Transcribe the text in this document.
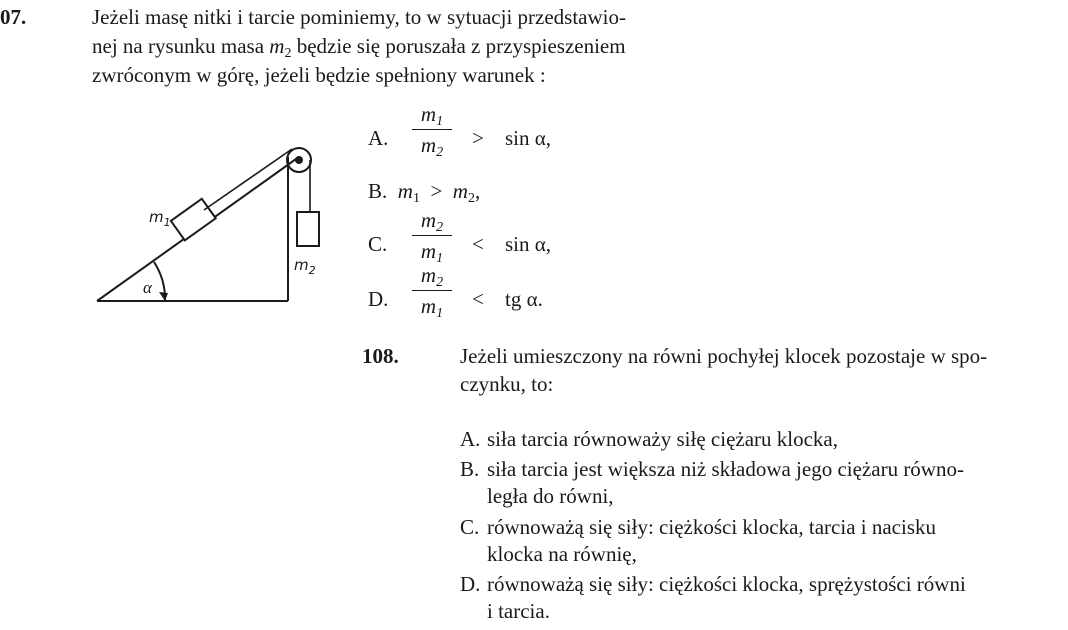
07.	Jeżeli masę nitki i tarcie pominiemy, to w sytuacji przedstawio-
nej na rysunku masa $m_2$ będzie się poruszała z przyspieszeniem
zwróconym w górę, jeżeli będzie spełniony warunek :
$m_1$
$m_2$
α
A.
$m_1$
$m_2$
> sin α,
B. $m_1 > m_2$,
C.
$m_2$
$m_1$
< sin α,
D.
$m_2$
$m_1$
< tg α.
108.	Jeżeli umieszczony na równi pochyłej klocek pozostaje w spo-
czynku, to:
A. siła tarcia równoważy siłę ciężaru klocka,
B. siła tarcia jest większa niż składowa jego ciężaru równo-
legła do równi,
C. równoważą się siły: ciężkości klocka, tarcia i nacisku
klocka na równię,
D. równoważą się siły: ciężkości klocka, sprężystości równi
i tarcia.
